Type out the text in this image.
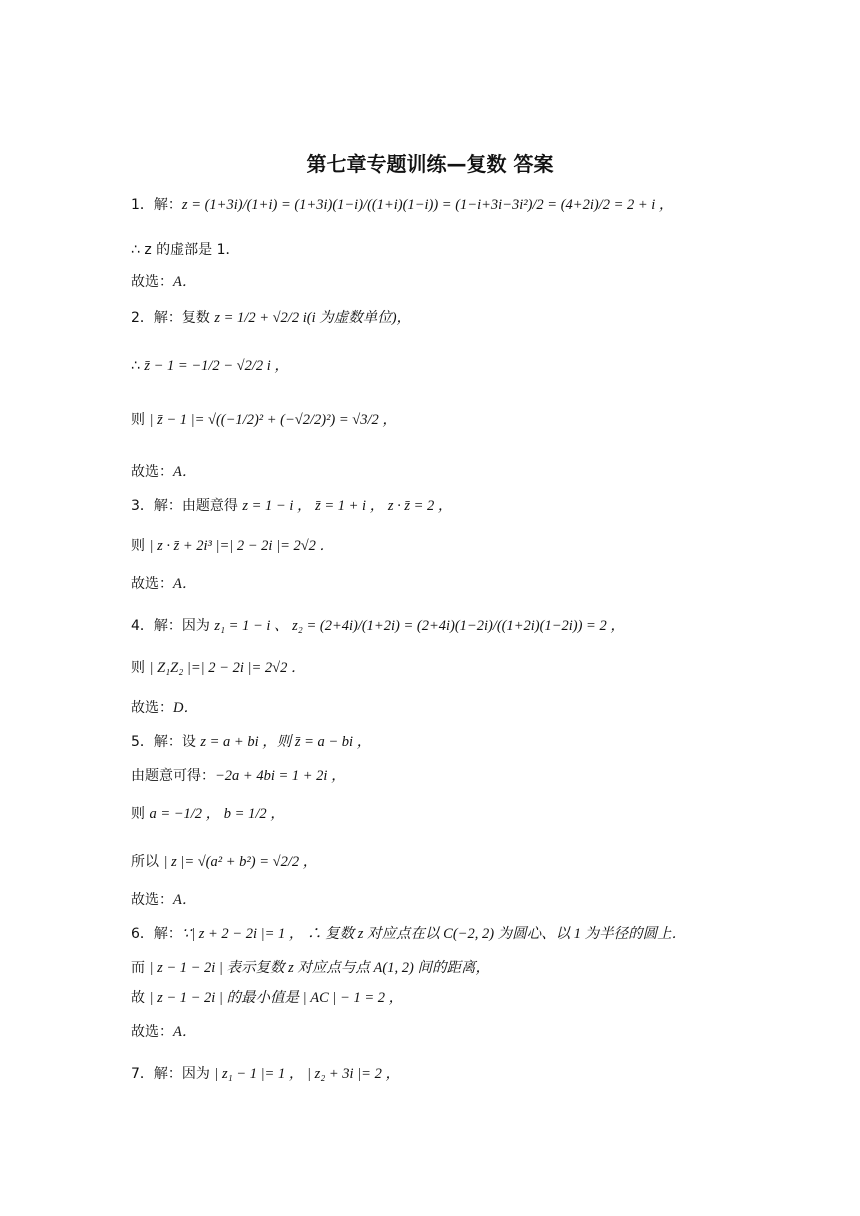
第七章专题训练—复数 答案
1．解：z = (1+3i)/(1+i) = (1+3i)(1−i)/((1+i)(1−i)) = (1−i+3i−3i²)/2 = (4+2i)/2 = 2 + i ，
∴ z 的虚部是 1．
故选：A．
2．解：复数 z = 1/2 + √2/2 i(i 为虚数单位)，
∴ z̄ − 1 = −1/2 − √2/2 i ，
则 | z̄ − 1 |= √((−1/2)² + (−√2/2)²) = √3/2 ，
故选：A．
3．解：由题意得 z = 1 − i ， z̄ = 1 + i ， z · z̄ = 2 ，
则 | z · z̄ + 2i³ |=| 2 − 2i |= 2√2 ．
故选：A．
4．解：因为 z₁ = 1 − i 、 z₂ = (2+4i)/(1+2i) = (2+4i)(1−2i)/((1+2i)(1−2i)) = 2 ，
则 | Z₁Z₂ |=| 2 − 2i |= 2√2 ．
故选：D．
5．解：设 z = a + bi ，则 z̄ = a − bi ，
由题意可得：−2a + 4bi = 1 + 2i ，
则 a = −1/2 ， b = 1/2 ，
所以 | z |= √(a² + b²) = √2/2 ，
故选：A．
6．解：∵| z + 2 − 2i |= 1 ， ∴ 复数 z 对应点在以 C(−2, 2) 为圆心、以 1 为半径的圆上．
而 | z − 1 − 2i | 表示复数 z 对应点与点 A(1, 2) 间的距离，
故 | z − 1 − 2i | 的最小值是 | AC | − 1 = 2 ，
故选：A．
7．解：因为 | z₁ − 1 |= 1 ， | z₂ + 3i |= 2 ，
